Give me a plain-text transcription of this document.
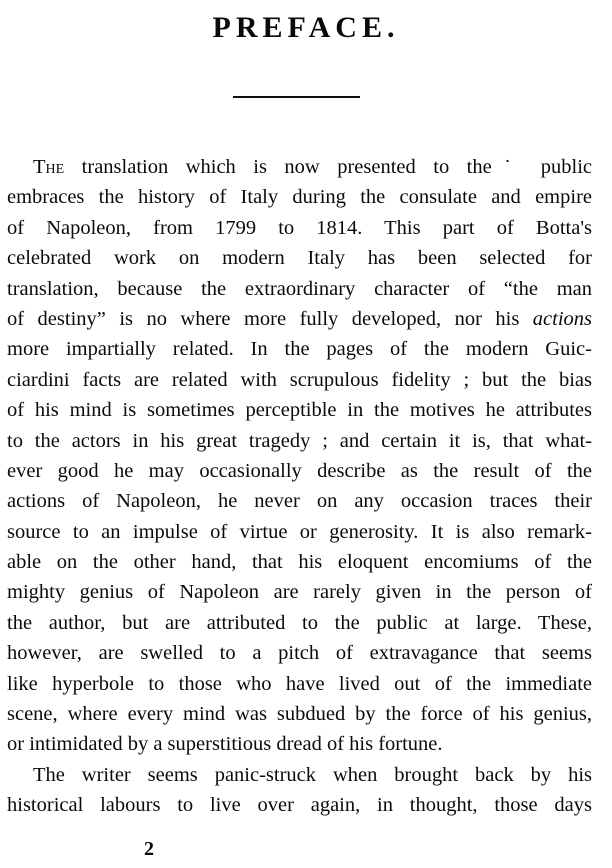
PREFACE.
The translation which is now presented to the˙ public
embraces the history of Italy during the consulate and empire
of Napoleon, from 1799 to 1814. This part of Botta's
celebrated work on modern Italy has been selected for
translation, because the extraordinary character of “the man
of destiny” is no where more fully developed, nor his actions
more impartially related. In the pages of the modern Guic-
ciardini facts are related with scrupulous fidelity ; but the bias
of his mind is sometimes perceptible in the motives he attributes
to the actors in his great tragedy ; and certain it is, that what-
ever good he may occasionally describe as the result of the
actions of Napoleon, he never on any occasion traces their
source to an impulse of virtue or generosity. It is also remark-
able on the other hand, that his eloquent encomiums of the
mighty genius of Napoleon are rarely given in the person of
the author, but are attributed to the public at large. These,
however, are swelled to a pitch of extravagance that seems
like hyperbole to those who have lived out of the immediate
scene, where every mind was subdued by the force of his genius,
or intimidated by a superstitious dread of his fortune.
The writer seems panic-struck when brought back by his
historical labours to live over again, in thought, those days
2
